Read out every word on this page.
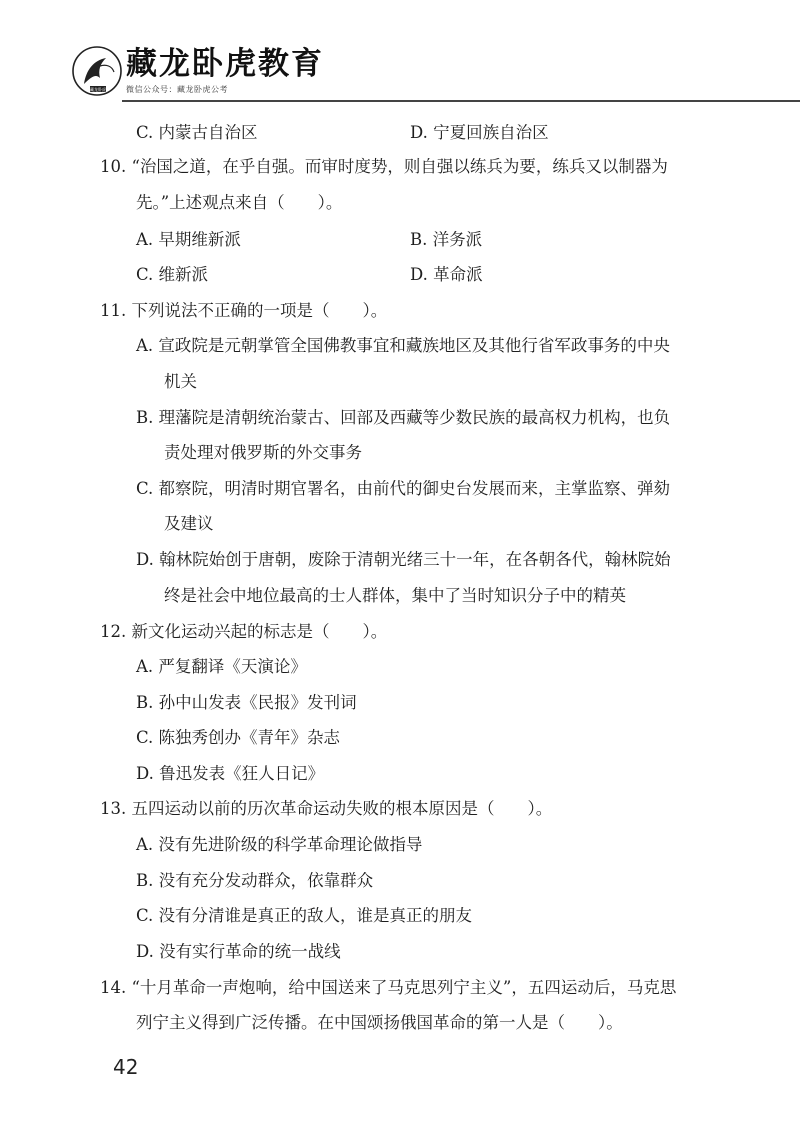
藏龙卧虎
藏龙卧虎教育
微信公众号：藏龙卧虎公考
C. 内蒙古自治区	D. 宁夏回族自治区
10. “治国之道，在乎自强。而审时度势，则自强以练兵为要，练兵又以制器为
先。”上述观点来自（　　）。
A. 早期维新派	B. 洋务派
C. 维新派	D. 革命派
11. 下列说法不正确的一项是（　　）。
A. 宣政院是元朝掌管全国佛教事宜和藏族地区及其他行省军政事务的中央
机关
B. 理藩院是清朝统治蒙古、回部及西藏等少数民族的最高权力机构，也负
责处理对俄罗斯的外交事务
C. 都察院，明清时期官署名，由前代的御史台发展而来，主掌监察、弹劾
及建议
D. 翰林院始创于唐朝，废除于清朝光绪三十一年，在各朝各代，翰林院始
终是社会中地位最高的士人群体，集中了当时知识分子中的精英
12. 新文化运动兴起的标志是（　　）。
A. 严复翻译《天演论》
B. 孙中山发表《民报》发刊词
C. 陈独秀创办《青年》杂志
D. 鲁迅发表《狂人日记》
13. 五四运动以前的历次革命运动失败的根本原因是（　　）。
A. 没有先进阶级的科学革命理论做指导
B. 没有充分发动群众，依靠群众
C. 没有分清谁是真正的敌人，谁是真正的朋友
D. 没有实行革命的统一战线
14. “十月革命一声炮响，给中国送来了马克思列宁主义”，五四运动后，马克思
列宁主义得到广泛传播。在中国颂扬俄国革命的第一人是（　　）。
42
